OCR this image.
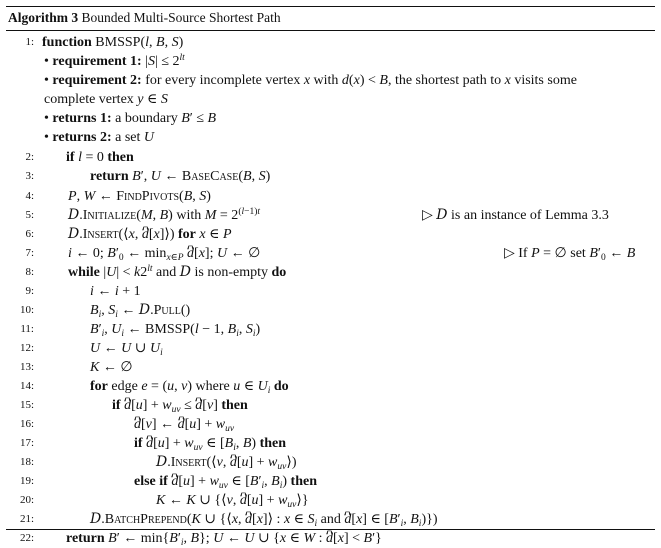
Algorithm 3 Bounded Multi-Source Shortest Path
1: function BMSSP(l, B, S)
• requirement 1: $|S| \le 2^{lt}$
• requirement 2: for every incomplete vertex x with d(x) < B, the shortest path to x visits some
complete vertex y ∈ S
• returns 1: a boundary B′ ≤ B
• returns 2: a set U
2: if l = 0 then
3:	return B′, U ← BaseCase(B, S)
4: P, W ← FindPivots(B, S)
5: D.Initialize(M, B) with $M = 2^{(l-1)t}$	▷ D is an instance of Lemma 3.3
6: D.Insert(⟨x, d[x]⟩) for x ∈ P
7: i ← 0; $B'_0$ ← $\min_{x\in P} d[x]$; U ← ∅	▷ If P = ∅ set $B'_0$ ← B
8: while $|U| < k2^{lt}$ and D is non-empty do
9:	i ← i + 1
10:	$B_i$, $S_i$ ← D.Pull()
11:	$B'_i$, $U_i$ ← BMSSP(l − 1, $B_i$, $S_i$)
12:	U ← U ∪ $U_i$
13:	K ← ∅
14:	for edge e = (u, v) where u ∈ $U_i$ do
15:	if $d[u] + w_{uv} \le d[v]$ then
16:	d[v] ← $d[u] + w_{uv}$
17:	if $d[u] + w_{uv}$ ∈ [$B_i$, B) then
18:	D.Insert(⟨v, $d[u] + w_{uv}⟩$)
19:	else if $d[u] + w_{uv}$ ∈ [$B'_i$, $B_i$) then
20:	K ← K ∪ {⟨v, $d[u] + w_{uv}⟩$}
21:	D.BatchPrepend(K ∪ {⟨x, d[x]⟩ : x ∈ $S_i$ and d[x] ∈ [$B'_i$, $B_i$)})
22: return B′ ← $\min\{B'_i$, B}; U ← U ∪ {x ∈ W : d[x] < B′}
